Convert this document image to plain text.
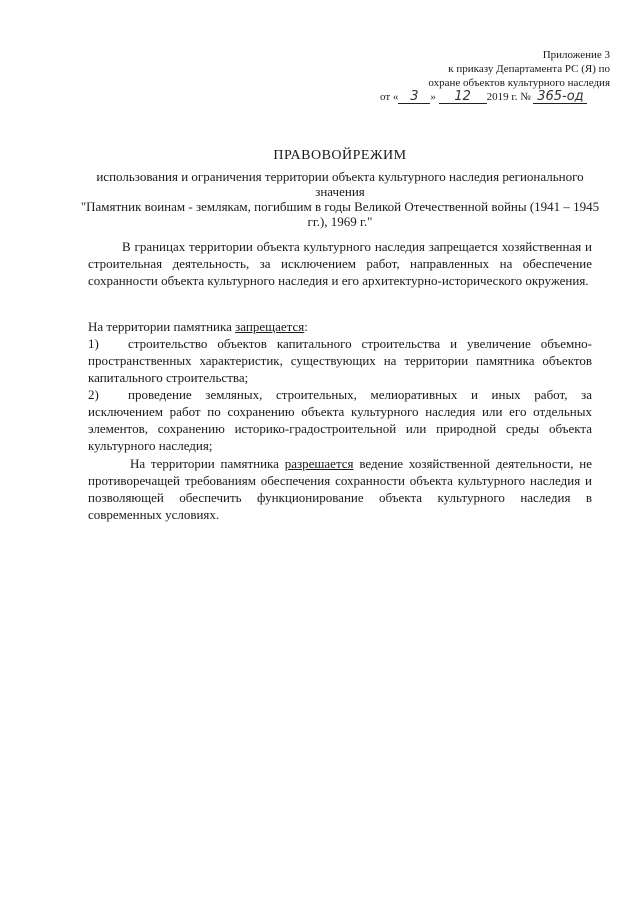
Приложение 3
к приказу Департамента РС (Я) по
охране объектов культурного наследия
от « 3 » 12 2019 г. № 365-од
ПРАВОВОЙРЕЖИМ
использования и ограничения территории объекта культурного наследия регионального значения
"Памятник воинам - землякам, погибшим в годы Великой Отечественной войны (1941 – 1945 гг.), 1969 г."
В границах территории объекта культурного наследия запрещается хозяйственная и строительная деятельность, за исключением работ, направленных на обеспечение сохранности объекта культурного наследия и его архитектурно-исторического окружения.
На территории памятника запрещается:
1) строительство объектов капитального строительства и увеличение объемно-пространственных характеристик, существующих на территории памятника объектов капитального строительства;
2) проведение земляных, строительных, мелиоративных и иных работ, за исключением работ по сохранению объекта культурного наследия или его отдельных элементов, сохранению историко-градостроительной или природной среды объекта культурного наследия;
На территории памятника разрешается ведение хозяйственной деятельности, не противоречащей требованиям обеспечения сохранности объекта культурного наследия и позволяющей обеспечить функционирование объекта культурного наследия в современных условиях.
